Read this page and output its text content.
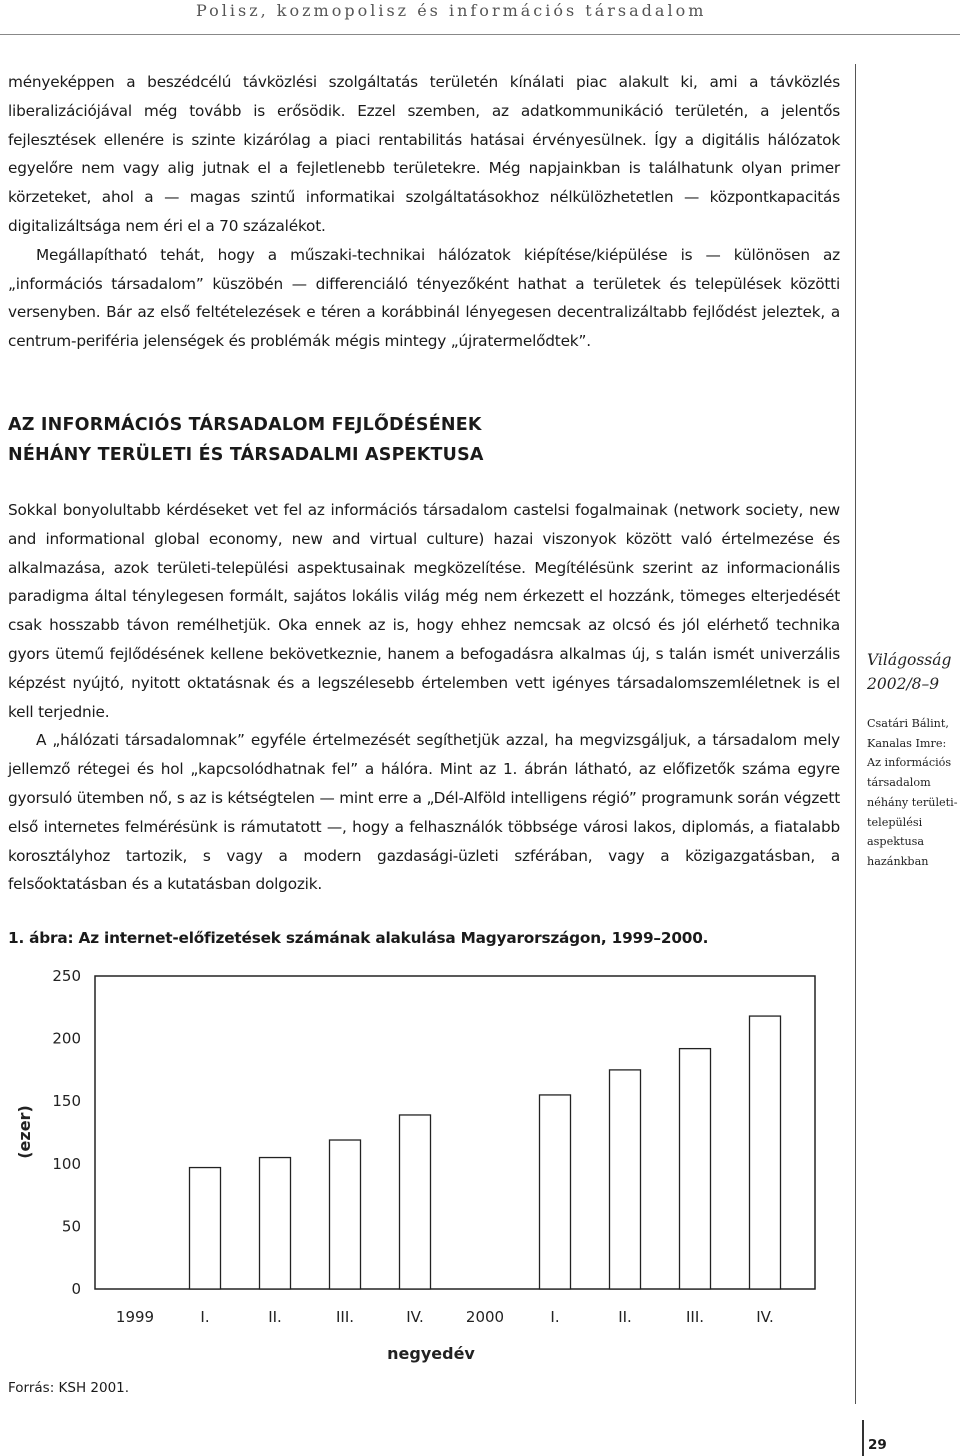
Polisz, kozmopolisz és információs társadalom

ményeképpen a beszédcélú távközlési szolgáltatás területén kínálati piac alakult ki, ami a távközlés liberalizációjával még tovább is erősödik. Ezzel szemben, az adatkommunikáció területén, a jelentős fejlesztések ellenére is szinte kizárólag a piaci rentabilitás hatásai érvényesülnek. Így a digitális hálózatok egyelőre nem vagy alig jutnak el a fejletlenebb területekre. Még napjainkban is találhatunk olyan primer körzeteket, ahol a — magas szintű informatikai szolgáltatásokhoz nélkülözhetetlen — központkapacitás digitalizáltsága nem éri el a 70 százalékot.

Megállapítható tehát, hogy a műszaki-technikai hálózatok kiépítése/kiépülése is — különösen az „információs társadalom” küszöbén — differenciáló tényezőként hathat a területek és települések közötti versenyben. Bár az első feltételezések e téren a korábbinál lényegesen decentralizáltabb fejlődést jeleztek, a centrum-periféria jelenségek és problémák mégis mintegy „újratermelődtek”.

AZ INFORMÁCIÓS TÁRSADALOM FEJLŐDÉSÉNEK
NÉHÁNY TERÜLETI ÉS TÁRSADALMI ASPEKTUSA

Sokkal bonyolultabb kérdéseket vet fel az információs társadalom castelsi fogalmainak (network society, new and informational global economy, new and virtual culture) hazai viszonyok között való értelmezése és alkalmazása, azok területi-települési aspektusainak megközelítése. Megítélésünk szerint az informacionális paradigma által ténylegesen formált, sajátos lokális világ még nem érkezett el hozzánk, tömeges elterjedését csak hosszabb távon remélhetjük. Oka ennek az is, hogy ehhez nemcsak az olcsó és jól elérhető technika gyors ütemű fejlődésének kellene bekövetkeznie, hanem a befogadásra alkalmas új, s talán ismét univerzális képzést nyújtó, nyitott oktatásnak és a legszélesebb értelemben vett igényes társadalomszemléletnek is el kell terjednie.

A „hálózati társadalomnak” egyféle értelmezését segíthetjük azzal, ha megvizsgáljuk, a társadalom mely jellemző rétegei és hol „kapcsolódhatnak fel” a hálóra. Mint az 1. ábrán látható, az előfizetők száma egyre gyorsuló ütemben nő, s az is kétségtelen — mint erre a „Dél-Alföld intelligens régió” programunk során végzett első internetes felmérésünk is rámutatott —, hogy a felhasználók többsége városi lakos, diplomás, a fiatalabb korosztályhoz tartozik, s vagy a modern gazdasági-üzleti szférában, vagy a közigazgatásban, a felsőoktatásban és a kutatásban dolgozik.

Világosság
2002/8–9
Csatári Bálint,
Kanalas Imre:
Az információs
társadalom
néhány területi-
települési
aspektusa
hazánkban
1. ábra: Az internet-előfizetések számának alakulása Magyarországon, 1999–2000.
0
50
100
150
200
250
1999	2000
I.	II.	III.	IV.	I.	II.	III.	IV.
(ezer)
negyedév
Forrás: KSH 2001.
29
